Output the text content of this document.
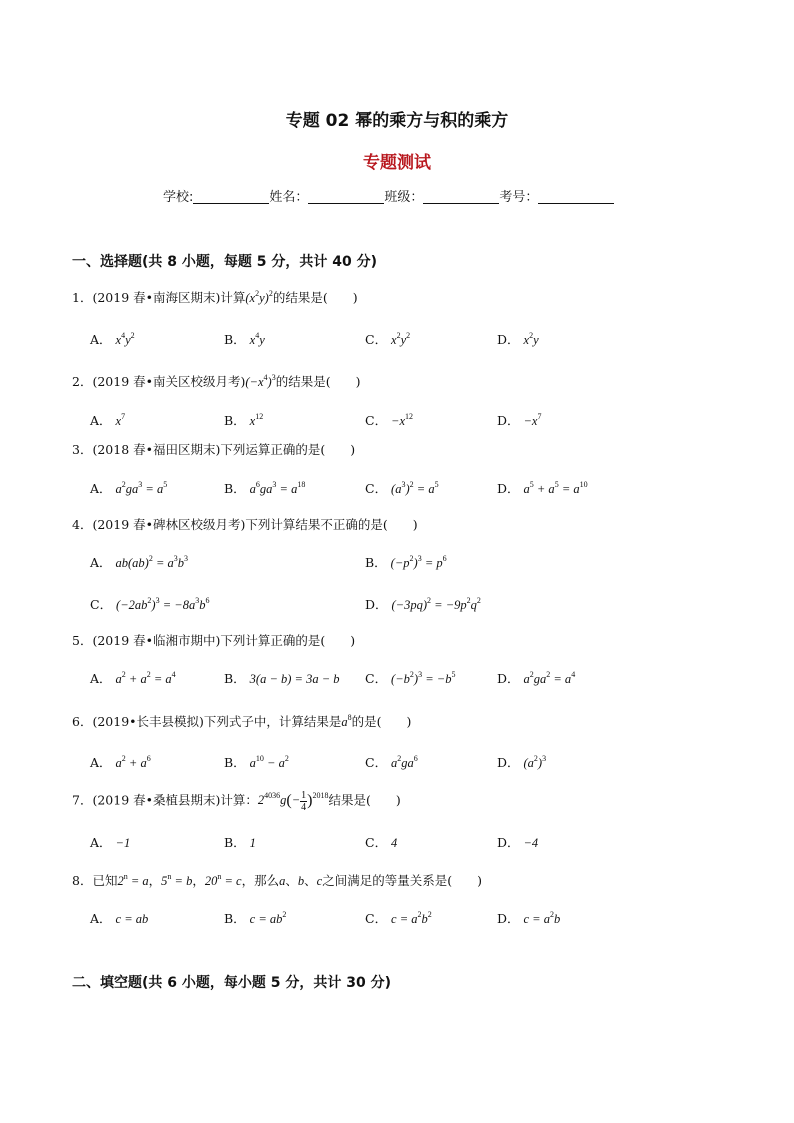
专题 02 幂的乘方与积的乘方
专题测试
学校:	姓名：	班级：	考号：
一、选择题(共 8 小题，每题 5 分，共计 40 分)
1．(2019 春•南海区期末)计算$(x^2y)^2$的结果是(　　)
A． $x^4y^2$	B． $x^4y$	C． $x^2y^2$	D． $x^2y$
2．(2019 春•南关区校级月考)$(-x^4)^3$的结果是(　　)
A． $x^7$	B． $x^{12}$	C． $-x^{12}$	D． $-x^7$
3．(2018 春•福田区期末)下列运算正确的是(　　)
A． $a^2ga^3 = a^5$	B． $a^6ga^3 = a^{18}$	C． $(a^3)^2 = a^5$	D． $a^5 + a^5 = a^{10}$
4．(2019 春•碑林区校级月考)下列计算结果不正确的是(　　)
A． $ab(ab)^2 = a^3b^3$	B． $(-p^2)^3 = p^6$
C． $(-2ab^2)^3 = -8a^3b^6$	D． $(-3pq)^2 = -9p^2q^2$
5．(2019 春•临湘市期中)下列计算正确的是(　　)
A． $a^2 + a^2 = a^4$	B． 3(a − b) = 3a − b C． $(-b^2)^3 = -b^5$	D． $a^2ga^2 = a^4$
6．(2019•长丰县模拟)下列式子中，计算结果是$a^8$的是(　　)
A． $a^2 + a^6$	B． $a^{10} - a^2$	C． $a^2ga^6$	D． $(a^2)^3$
7．(2019 春•桑植县期末)计算：$2^{4036}g(- \frac{1}{4} )^{2018}$结果是(　　)
A． −1	B． 1	C． 4	D． −4
8．已知$2^n = a$，$5^n = b$，$20^n = c$，那么a、b、c之间满足的等量关系是(　　)
A． c = ab	B． $c = ab^2$	C． $c = a^2b^2$	D． $c = a^2b$
二、填空题(共 6 小题，每小题 5 分，共计 30 分)
